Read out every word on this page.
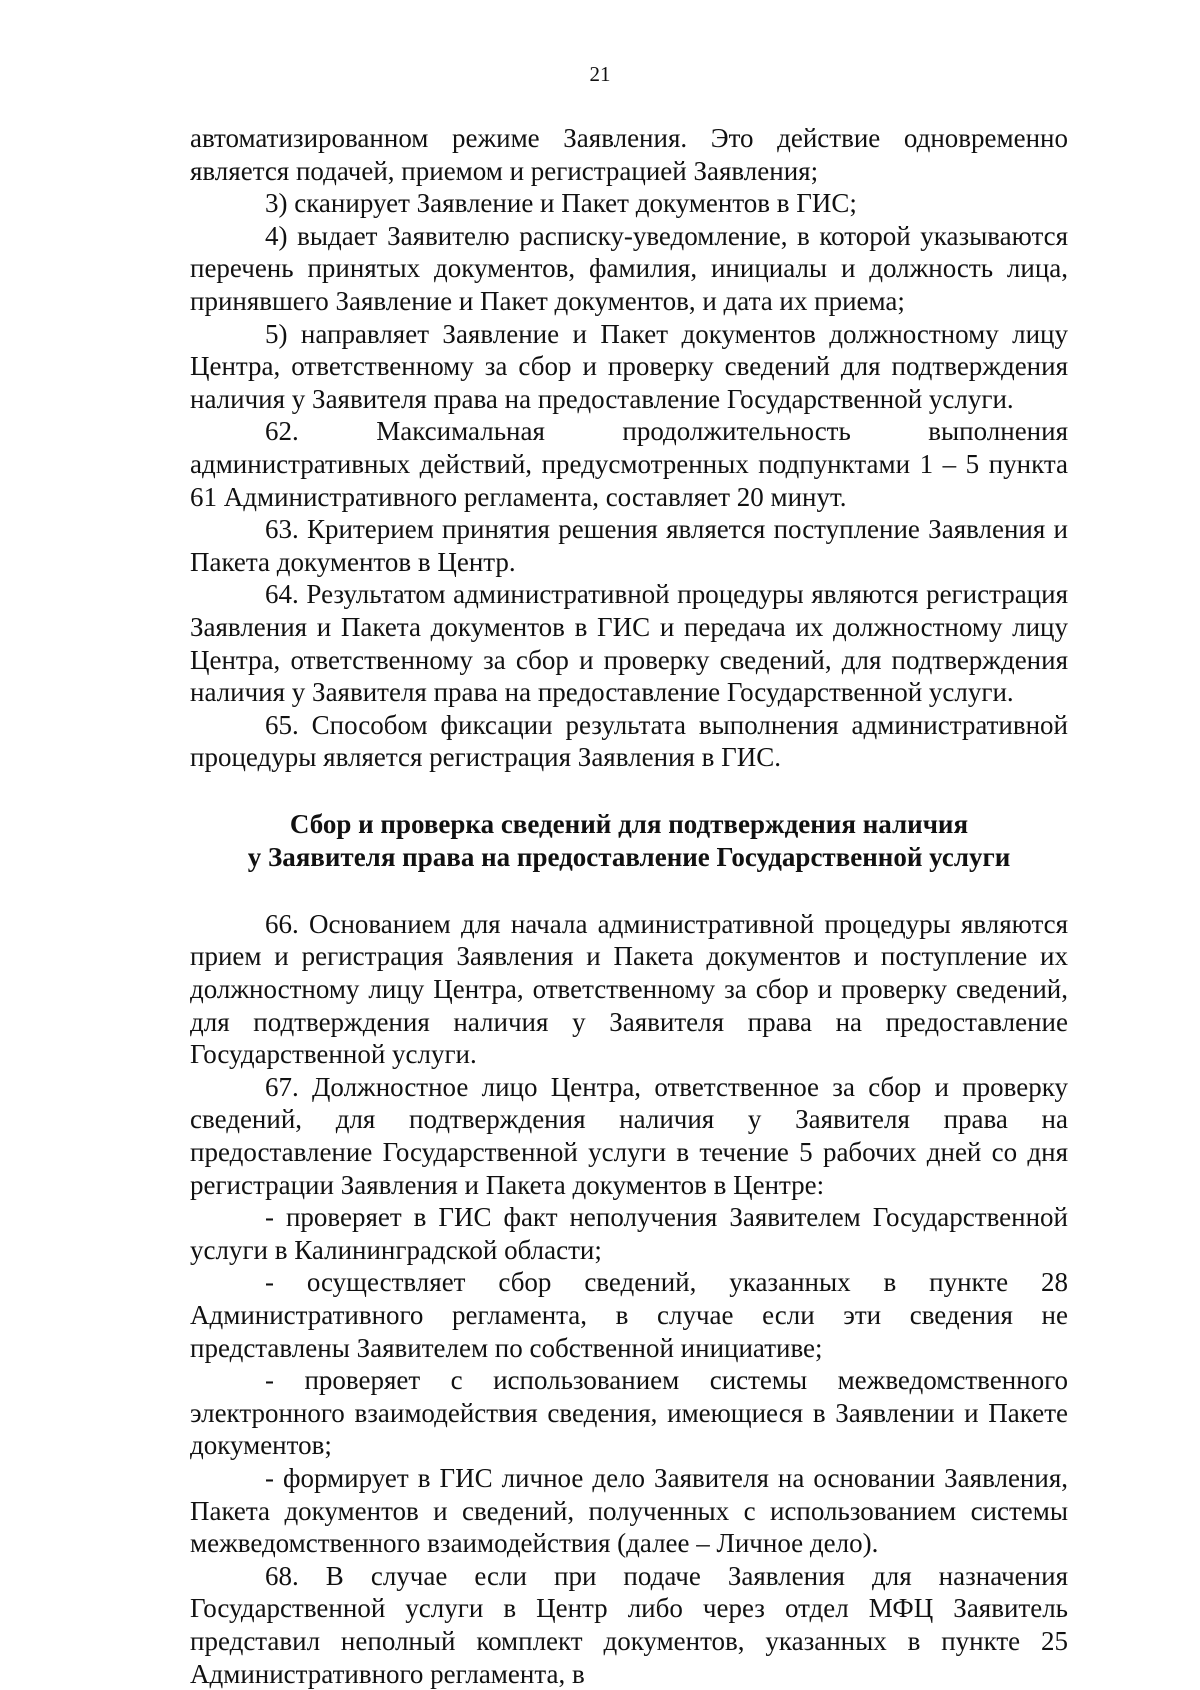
21

автоматизированном режиме Заявления. Это действие одновременно является подачей, приемом и регистрацией Заявления;

3) сканирует Заявление и Пакет документов в ГИС;

4) выдает Заявителю расписку-уведомление, в которой указываются перечень принятых документов, фамилия, инициалы и должность лица, принявшего Заявление и Пакет документов, и дата их приема;

5) направляет Заявление и Пакет документов должностному лицу Центра, ответственному за сбор и проверку сведений для подтверждения наличия у Заявителя права на предоставление Государственной услуги.

62. Максимальная продолжительность выполнения административных действий, предусмотренных подпунктами 1 – 5 пункта 61 Административного регламента, составляет 20 минут.

63. Критерием принятия решения является поступление Заявления и Пакета документов в Центр.

64. Результатом административной процедуры являются регистрация Заявления и Пакета документов в ГИС и передача их должностному лицу Центра, ответственному за сбор и проверку сведений, для подтверждения наличия у Заявителя права на предоставление Государственной услуги.

65. Способом фиксации результата выполнения административной процедуры является регистрация Заявления в ГИС.

Сбор и проверка сведений для подтверждения наличия
у Заявителя права на предоставление Государственной услуги

66. Основанием для начала административной процедуры являются прием и регистрация Заявления и Пакета документов и поступление их должностному лицу Центра, ответственному за сбор и проверку сведений, для подтверждения наличия у Заявителя права на предоставление Государственной услуги.

67. Должностное лицо Центра, ответственное за сбор и проверку сведений, для подтверждения наличия у Заявителя права на предоставление Государственной услуги в течение 5 рабочих дней со дня регистрации Заявления и Пакета документов в Центре:

- проверяет в ГИС факт неполучения Заявителем Государственной услуги в Калининградской области;

- осуществляет сбор сведений, указанных в пункте 28 Административного регламента, в случае если эти сведения не представлены Заявителем по собственной инициативе;

- проверяет с использованием системы межведомственного электронного взаимодействия сведения, имеющиеся в Заявлении и Пакете документов;

- формирует в ГИС личное дело Заявителя на основании Заявления, Пакета документов и сведений, полученных с использованием системы межведомственного взаимодействия (далее – Личное дело).

68. В случае если при подаче Заявления для назначения Государственной услуги в Центр либо через отдел МФЦ Заявитель представил неполный комплект документов, указанных в пункте 25 Административного регламента, в
